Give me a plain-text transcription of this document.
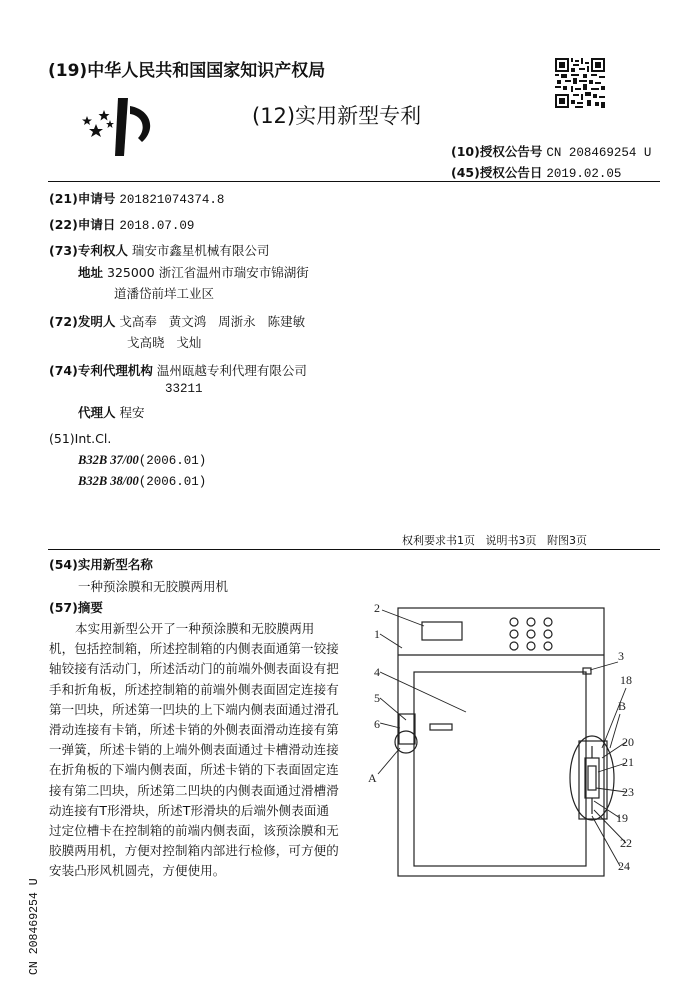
(19)中华人民共和国国家知识产权局
(12)实用新型专利
(10)授权公告号 CN 208469254 U
(45)授权公告日 2019.02.05
(21)申请号 201821074374.8
(22)申请日 2018.07.09
(73)专利权人 瑞安市鑫星机械有限公司
地址 325000 浙江省温州市瑞安市锦湖街
道潘岱前垟工业区
(72)发明人 戈高奉   黄文鸿   周浙永   陈建敏
戈高晓   戈灿
(74)专利代理机构 温州瓯越专利代理有限公司
33211
代理人 程安
(51)Int.Cl.
B32B 37/00(2006.01)
B32B 38/00(2006.01)
权利要求书1页   说明书3页   附图3页
(54)实用新型名称
一种预涂膜和无胶膜两用机
(57)摘要
本实用新型公开了一种预涂膜和无胶膜两用机，包括控制箱，所述控制箱的内侧表面通第一铰接轴铰接有活动门，所述活动门的前端外侧表面设有把手和折角板，所述控制箱的前端外侧表面固定连接有第一凹块，所述第一凹块的上下端内侧表面通过滑孔滑动连接有卡销，所述卡销的外侧表面滑动连接有第一弹簧，所述卡销的上端外侧表面通过卡槽滑动连接在折角板的下端内侧表面，所述卡销的下表面固定连接有第二凹块，所述第二凹块的内侧表面通过滑槽滑动连接有T形滑块，所述T形滑块的后端外侧表面通过定位槽卡在控制箱的前端内侧表面，该预涂膜和无胶膜两用机，方便对控制箱内部进行检修，可方便的安装凸形风机圆壳，方便使用。
CN 208469254 U
2
1
4
5
6
A
3
18
B
20
21
23
19
22
24
